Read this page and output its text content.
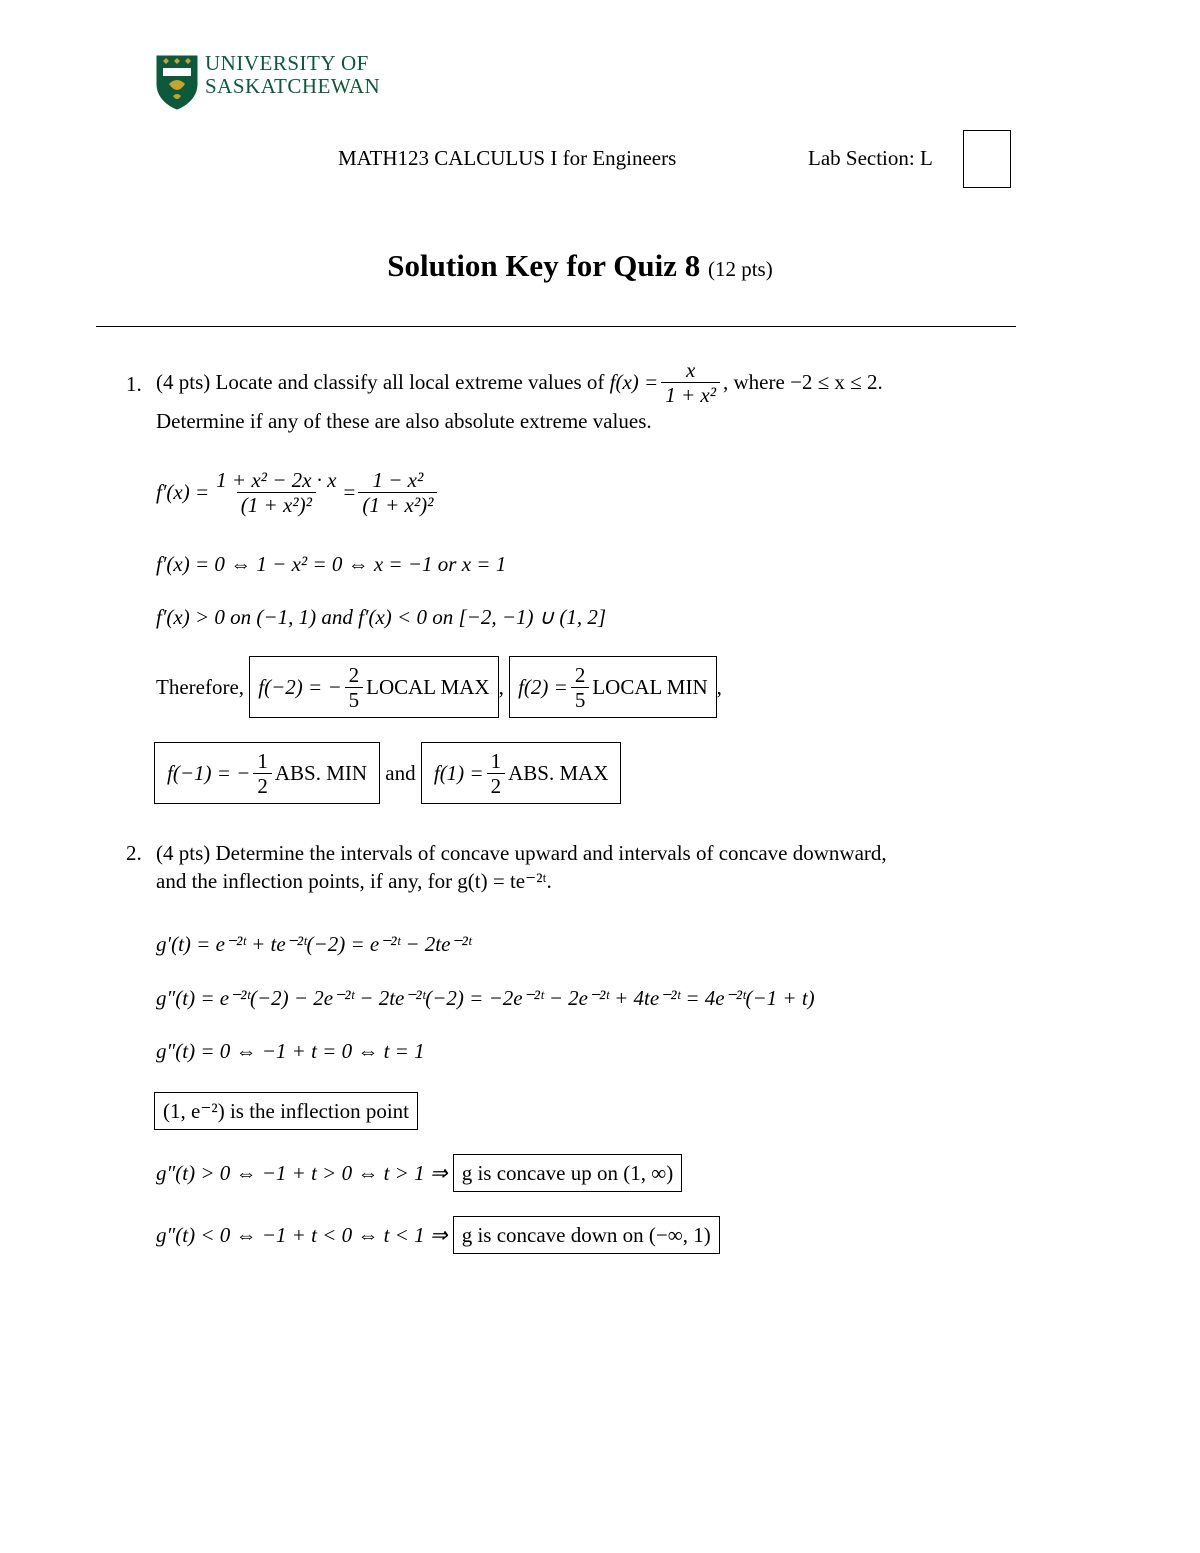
UNIVERSITY OF
SASKATCHEWAN
MATH123 CALCULUS I for Engineers	Lab Section: L
Solution Key for Quiz 8 (12 pts)
1. (4 pts) Locate and classify all local extreme values of
$f(x) = \frac{x}{\text{1 + x²}}$ , where −2 ≤ x ≤ 2.
Determine if any of these are also absolute extreme values.
$f'(x) = \frac{\text{1 + x² − 2x · x}}{\text{(1 + x²)²}} = \frac{\text{1 − x²}}{\text{(1 + x²)²}}$
f′(x) = 0 ⇔ 1 − x² = 0 ⇔ x = −1 or x = 1
f′(x) > 0 on (−1, 1) and f′(x) < 0 on [−2, −1) ∪ (1, 2]
Therefore,
f(−2) = − $\frac{2}{5}$ LOCAL MAX ,
$f(2) = \frac{2}{5}$ LOCAL MIN ,
f(−1) = − $\frac{1}{2}$ ABS. MIN
and
$f(1) = \frac{1}{2}$ ABS. MAX
2. (4 pts) Determine the intervals of concave upward and intervals of concave downward,
and the inflection points, if any, for g(t) = te⁻²ᵗ.
g′(t) = e⁻²ᵗ + te⁻²ᵗ(−2) = e⁻²ᵗ − 2te⁻²ᵗ
g″(t) = e⁻²ᵗ(−2) − 2e⁻²ᵗ − 2te⁻²ᵗ(−2) = −2e⁻²ᵗ − 2e⁻²ᵗ + 4te⁻²ᵗ = 4e⁻²ᵗ(−1 + t)
g″(t) = 0 ⇔ −1 + t = 0 ⇔ t = 1
(1, e⁻²) is the inflection point
g″(t) > 0 ⇔ −1 + t > 0 ⇔ t > 1 ⇒
g is concave up on (1, ∞)
g″(t) < 0 ⇔ −1 + t < 0 ⇔ t < 1 ⇒
g is concave down on (−∞, 1)
